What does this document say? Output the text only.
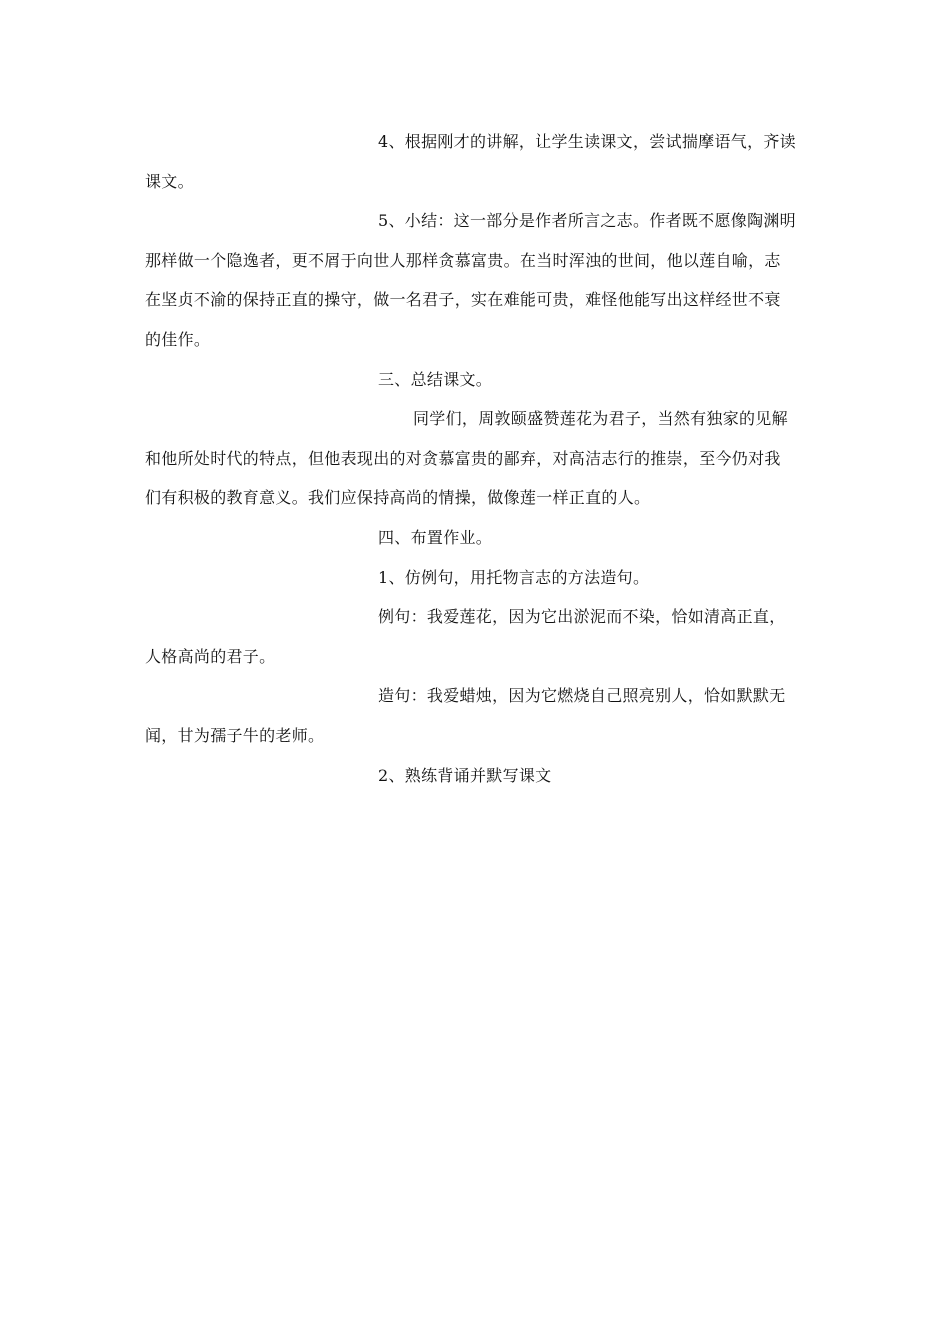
4、根据刚才的讲解，让学生读课文，尝试揣摩语气，齐读
课文。

5、小结：这一部分是作者所言之志。作者既不愿像陶渊明
那样做一个隐逸者，更不屑于向世人那样贪慕富贵。在当时浑浊的世间，他以莲自喻，志
在坚贞不渝的保持正直的操守，做一名君子，实在难能可贵，难怪他能写出这样经世不衰
的佳作。

三、总结课文。

同学们，周敦颐盛赞莲花为君子，当然有独家的见解
和他所处时代的特点，但他表现出的对贪慕富贵的鄙弃，对高洁志行的推崇，至今仍对我
们有积极的教育意义。我们应保持高尚的情操，做像莲一样正直的人。

四、布置作业。

1、仿例句，用托物言志的方法造句。

例句：我爱莲花，因为它出淤泥而不染，恰如清高正直，
人格高尚的君子。

造句：我爱蜡烛，因为它燃烧自己照亮别人，恰如默默无
闻，甘为孺子牛的老师。

2、熟练背诵并默写课文
